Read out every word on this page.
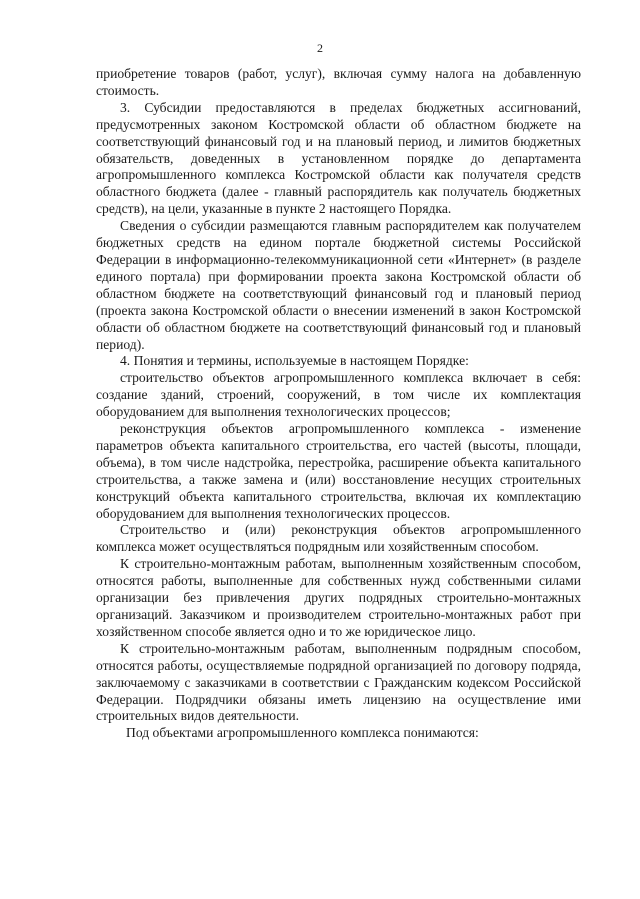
2

приобретение товаров (работ, услуг), включая сумму налога на добавленную стоимость.

3. Субсидии предоставляются в пределах бюджетных ассигнований, предусмотренных законом Костромской области об областном бюджете на соответствующий финансовый год и на плановый период, и лимитов бюджетных обязательств, доведенных в установленном порядке до департамента агропромышленного комплекса Костромской области как получателя средств областного бюджета (далее - главный распорядитель как получатель бюджетных средств), на цели, указанные в пункте 2 настоящего Порядка.

Сведения о субсидии размещаются главным распорядителем как получателем бюджетных средств на едином портале бюджетной системы Российской Федерации в информационно-телекоммуникационной сети «Интернет» (в разделе единого портала) при формировании проекта закона Костромской области об областном бюджете на соответствующий финансовый год и плановый период (проекта закона Костромской области о внесении изменений в закон Костромской области об областном бюджете на соответствующий финансовый год и плановый период).

4. Понятия и термины, используемые в настоящем Порядке:

строительство объектов агропромышленного комплекса включает в себя: создание зданий, строений, сооружений, в том числе их комплектация оборудованием для выполнения технологических процессов;

реконструкция объектов агропромышленного комплекса - изменение параметров объекта капитального строительства, его частей (высоты, площади, объема), в том числе надстройка, перестройка, расширение объекта капитального строительства, а также замена и (или) восстановление несущих строительных конструкций объекта капитального строительства, включая их комплектацию оборудованием для выполнения технологических процессов.

Строительство и (или) реконструкция объектов агропромышленного комплекса может осуществляться подрядным или хозяйственным способом.

К строительно-монтажным работам, выполненным хозяйственным способом, относятся работы, выполненные для собственных нужд собственными силами организации без привлечения других подрядных строительно-монтажных организаций. Заказчиком и производителем строительно-монтажных работ при хозяйственном способе является одно и то же юридическое лицо.

К строительно-монтажным работам, выполненным подрядным способом, относятся работы, осуществляемые подрядной организацией по договору подряда, заключаемому с заказчиками в соответствии с Гражданским кодексом Российской Федерации. Подрядчики обязаны иметь лицензию на осуществление ими строительных видов деятельности.

Под объектами агропромышленного комплекса понимаются:
